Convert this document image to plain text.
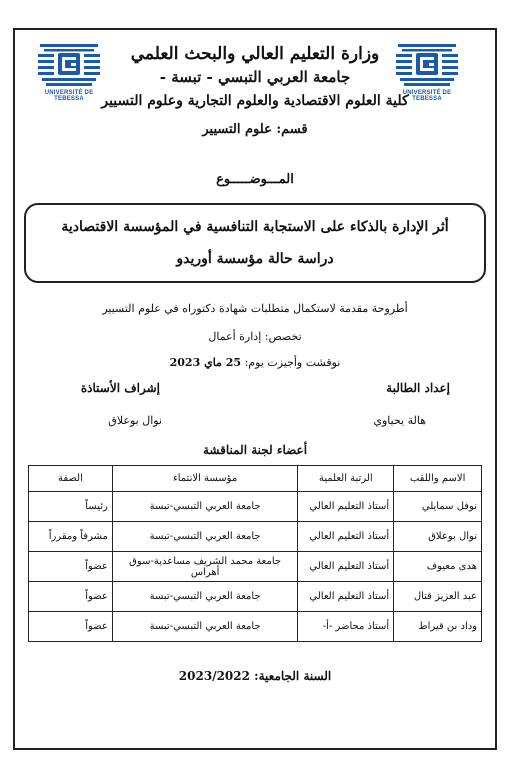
UNIVERSITÉ DE TEBESSA
UNIVERSITÉ DE TEBESSA
وزارة التعليم العالي والبحث العلمي
جامعة العربي التبسي - تبسة -
كلية العلوم الاقتصادية والعلوم التجارية وعلوم التسيير
قسم: علوم التسيير
المـــوضـــــوع
أثر الإدارة بالذكاء على الاستجابة التنافسية في المؤسسة الاقتصادية
دراسة حالة مؤسسة أوريدو
أطروحة مقدمة لاستكمال متطلبات شهادة دكتوراه في علوم التسيير
تخصص: إدارة أعمال
نوقشت وأجيزت يوم: 25 ماي 2023
إعداد الطالبة
إشراف الأستاذة
هالة يحياوي
نوال بوعلاق
أعضاء لجنة المناقشة
الاسم واللقب	الرتبة العلمية	مؤسسة الانتماء	الصفة
نوفل سمايلي	أستاذ التعليم العالي	جامعة العربي التبسي-تبسة	رئيساً
نوال بوعلاق	أستاذ التعليم العالي	جامعة العربي التبسي-تبسة	مشرفاً ومقرراً
هدى معيوف	أستاذ التعليم العالي	جامعة محمد الشريف مساعدية-سوق أهراس	عضواً
عبد العزيز قتال	أستاذ التعليم العالي	جامعة العربي التبسي-تبسة	عضواً
وداد بن قيراط	أستاذ محاضر -أ-	جامعة العربي التبسي-تبسة	عضواً
السنة الجامعية: 2023/2022
